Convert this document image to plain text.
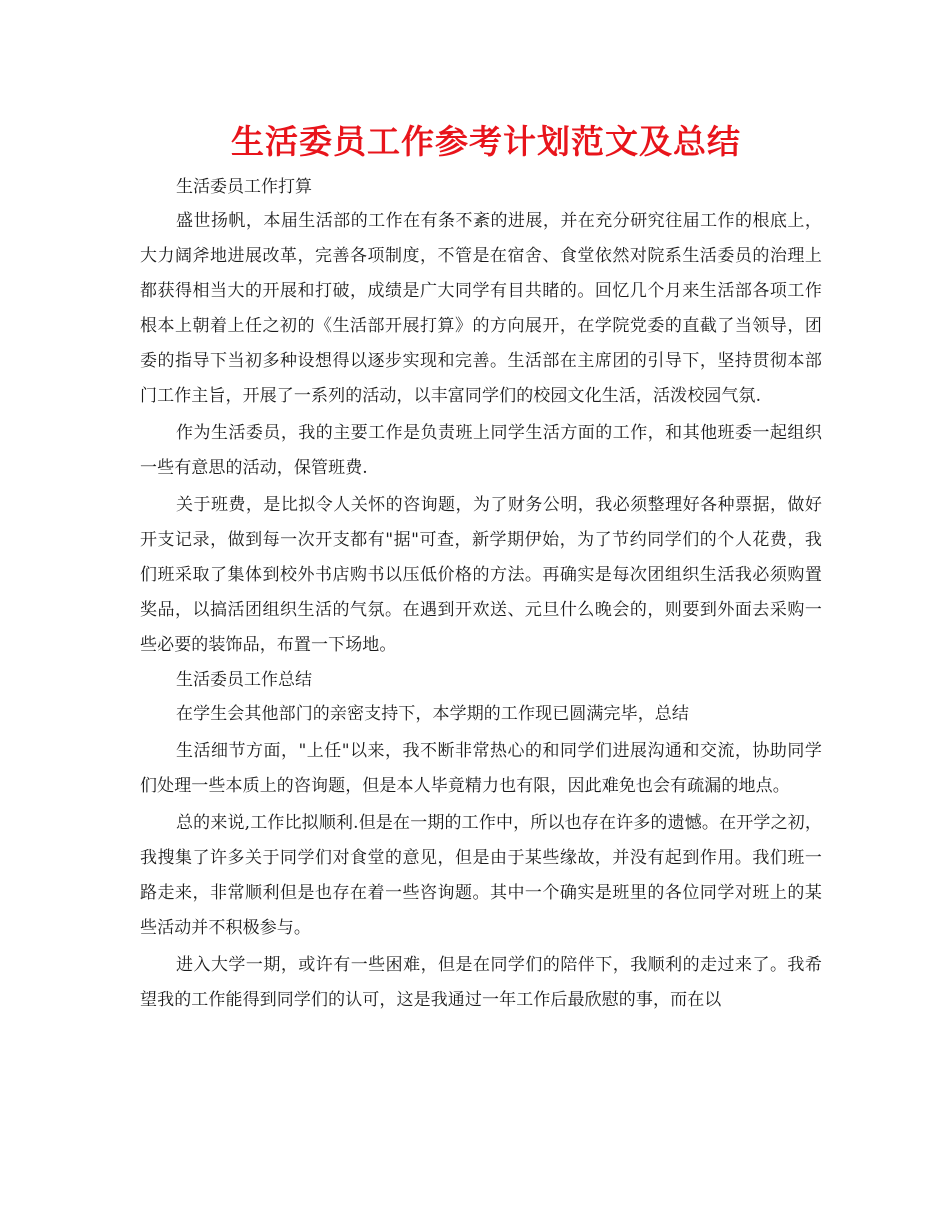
生活委员工作参考计划范文及总结
生活委员工作打算

盛世扬帆，本届生活部的工作在有条不紊的进展，并在充分研究往届工作的根底上，大力阔斧地进展改革，完善各项制度，不管是在宿舍、食堂依然对院系生活委员的治理上都获得相当大的开展和打破，成绩是广大同学有目共睹的。回忆几个月来生活部各项工作根本上朝着上任之初的《生活部开展打算》的方向展开，在学院党委的直截了当领导，团委的指导下当初多种设想得以逐步实现和完善。生活部在主席团的引导下，坚持贯彻本部门工作主旨，开展了一系列的活动，以丰富同学们的校园文化生活，活泼校园气氛.

作为生活委员，我的主要工作是负责班上同学生活方面的工作，和其他班委一起组织一些有意思的活动，保管班费.

关于班费，是比拟令人关怀的咨询题，为了财务公明，我必须整理好各种票据，做好开支记录，做到每一次开支都有"据"可查，新学期伊始，为了节约同学们的个人花费，我们班采取了集体到校外书店购书以压低价格的方法。再确实是每次团组织生活我必须购置奖品，以搞活团组织生活的气氛。在遇到开欢送、元旦什么晚会的，则要到外面去采购一些必要的装饰品，布置一下场地。

生活委员工作总结

在学生会其他部门的亲密支持下，本学期的工作现已圆满完毕，总结

生活细节方面，"上任"以来，我不断非常热心的和同学们进展沟通和交流，协助同学们处理一些本质上的咨询题，但是本人毕竟精力也有限，因此难免也会有疏漏的地点。

总的来说,工作比拟顺利.但是在一期的工作中，所以也存在许多的遗憾。在开学之初，我搜集了许多关于同学们对食堂的意见，但是由于某些缘故，并没有起到作用。我们班一路走来，非常顺利但是也存在着一些咨询题。其中一个确实是班里的各位同学对班上的某些活动并不积极参与。

进入大学一期，或许有一些困难，但是在同学们的陪伴下，我顺利的走过来了。我希望我的工作能得到同学们的认可，这是我通过一年工作后最欣慰的事，而在以
